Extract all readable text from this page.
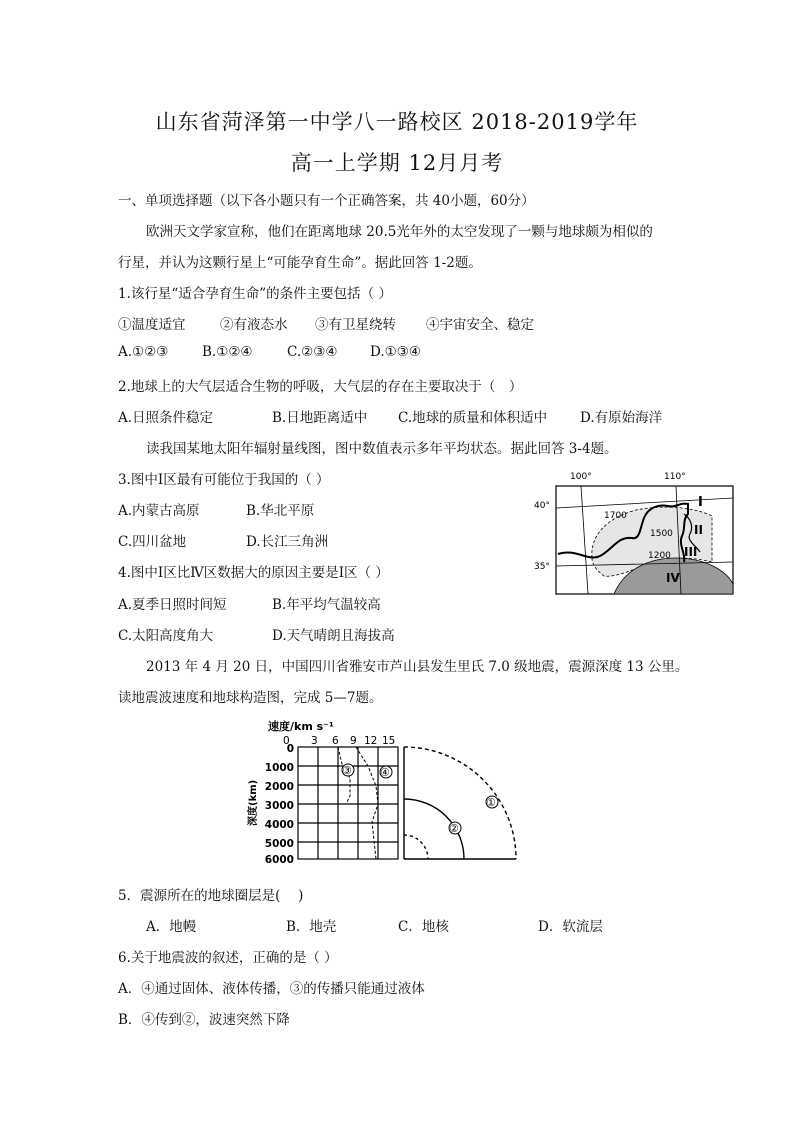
山东省菏泽第一中学八一路校区 2018-2019学年
高一上学期 12月月考
一、单项选择题（以下各小题只有一个正确答案，共 40小题，60分）
欧洲天文学家宣称，他们在距离地球 20.5光年外的太空发现了一颗与地球颇为相似的
行星，并认为这颗行星上“可能孕育生命”。据此回答 1-2题。
1.该行星“适合孕育生命”的条件主要包括（ ）
①温度适宜	②有液态水 ③有卫星绕转 ④宇宙安全、稳定
A.①②③ B.①②④	C.②③④ D.①③④
2.地球上的大气层适合生物的呼吸，大气层的存在主要取决于（　）
A.日照条件稳定	B.日地距离适中 C.地球的质量和体积适中 D.有原始海洋
读我国某地太阳年辐射量线图，图中数值表示多年平均状态。据此回答 3-4题。
3.图中Ⅰ区最有可能位于我国的（ ）
A.内蒙古高原	B.华北平原
C.四川盆地	D.长江三角洲
4.图中Ⅰ区比Ⅳ区数据大的原因主要是Ⅰ区（ ）
A.夏季日照时间短	B.年平均气温较高
C.太阳高度角大	D.天气晴朗且海拔高
100°	110°
40°
35°
1700
1500
1200
I
II
III
IV
2013 年 4 月 20 日，中国四川省雅安市芦山县发生里氏 7.0 级地震，震源深度 13 公里。
读地震波速度和地球构造图，完成 5—7题。
速度/km s⁻¹
0 3 6 9 12 15
深度(km)
0
1000
2000
3000
4000
5000
6000
③	④
①
②
5．震源所在的地球圈层是(　 )
A．地幔	B．地壳	C．地核	D．软流层
6.关于地震波的叙述，正确的是（ ）
A．④通过固体、液体传播，③的传播只能通过液体
B．④传到②，波速突然下降
